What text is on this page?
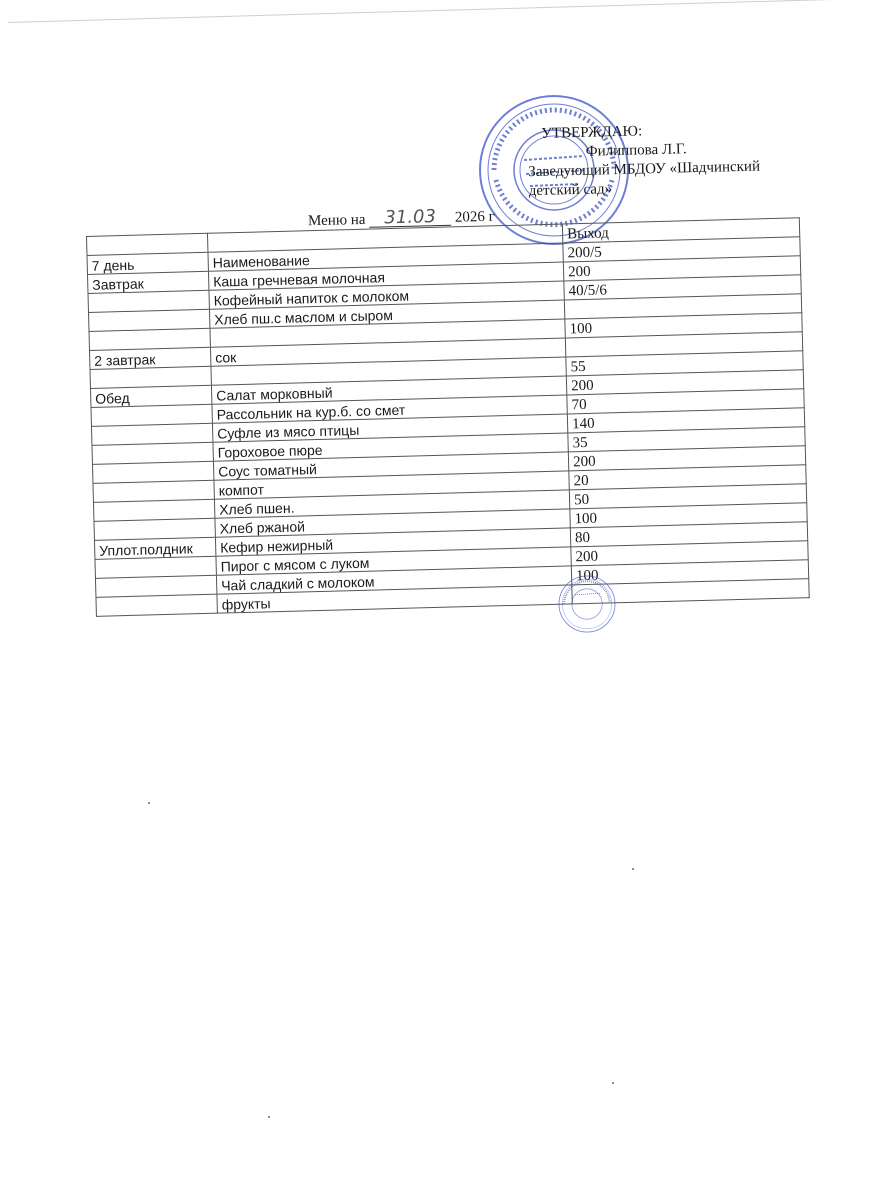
УТВЕРЖДАЮ:
Филиппова Л.Г.
Заведующий МБДОУ «Шадчинский
детский сад»
Меню на 31.03 2026 г
		Выход
7 день	Наименование	200/5
Завтрак	Каша гречневая молочная	200
	Кофейный напиток с молоком	40/5/6
	Хлеб пш.с маслом и сыром	
		100
2 завтрак	сок	
		55
Обед	Салат морковный	200
	Рассольник на кур.б. со смет	70
	Суфле из мясо птицы	140
	Гороховое пюре	35
	Соус томатный	200
	компот	20
	Хлеб пшен.	50
	Хлеб ржаной	100
Уплот.полдник	Кефир нежирный	80
	Пирог с мясом с луком	200
	Чай сладкий с молоком	100
	фрукты	
